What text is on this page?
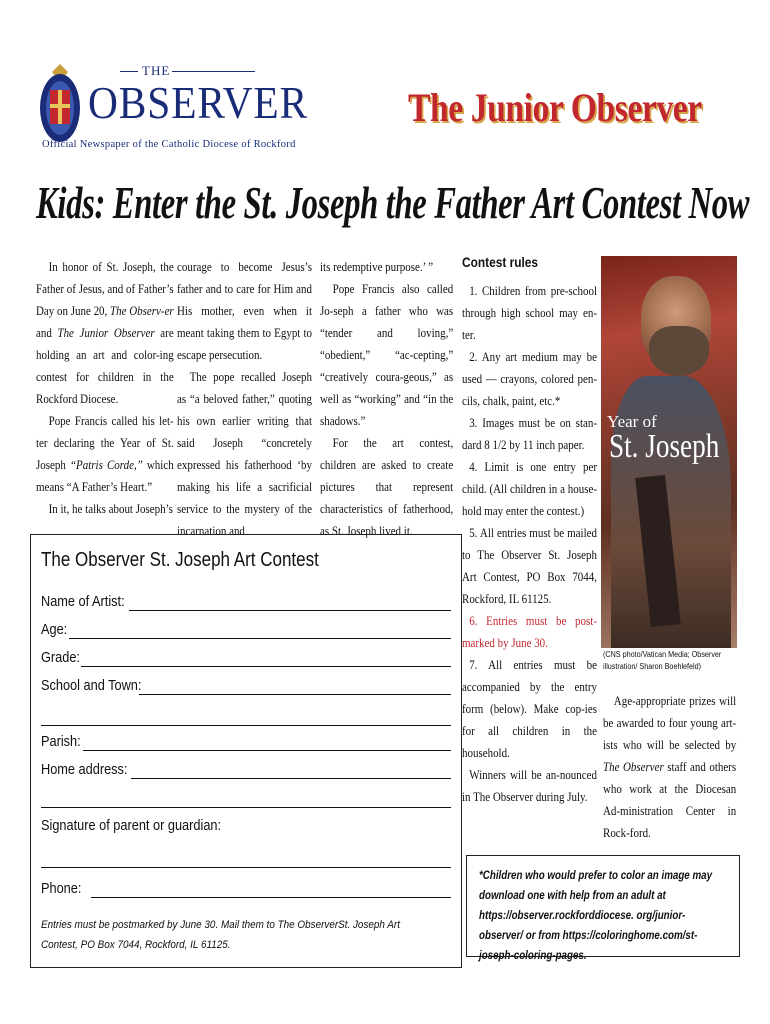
THE
OBSERVER
Official Newspaper of the Catholic Diocese of Rockford
The Junior Observer
Kids: Enter the St. Joseph the Father Art Contest Now

In honor of St. Joseph, the Father of Jesus, and of Father’s Day on June 20, The Observ-er and The Junior Observer are holding an art and color-ing contest for children in the Rockford Diocese.

Pope Francis called his let-ter declaring the Year of St. Joseph “Patris Corde,” which means “A Father’s Heart.”

In it, he talks about Joseph’s

courage to become Jesus’s father and to care for Him and His mother, even when it meant taking them to Egypt to escape persecution.

The pope recalled Joseph as “a beloved father,” quoting his own earlier writing that said Joseph “concretely expressed his fatherhood ‘by making his life a sacrificial service to the mystery of the incarnation and

its redemptive purpose.’ ”

Pope Francis also called Jo-seph a father who was “tender and loving,” “obedient,” “ac-cepting,” “creatively coura-geous,” as well as “working” and “in the shadows.”

For the art contest, children are asked to create pictures that represent characteristics of fatherhood, as St. Joseph lived it.

Contest rules

1. Children from pre-school through high school may en-ter.

2. Any art medium may be used — crayons, colored pen-cils, chalk, paint, etc.*

3. Images must be on stan-dard 8 1/2 by 11 inch paper.

4. Limit is one entry per child. (All children in a house-hold may enter the contest.)

5. All entries must be mailed to The Observer St. Joseph Art Contest, PO Box 7044, Rockford, IL 61125.

6. Entries must be post-marked by June 30.

7. All entries must be accompanied by the entry form (below). Make cop-ies for all children in the household.

Winners will be an-nounced in The Observer during July.

Year of
St. Joseph
(CNS photo/Vatican Media; Observer illustration/ Sharon Boehlefeld)

Age-appropriate prizes will be awarded to four young art-ists who will be selected by The Observer staff and others who work at the Diocesan Ad-ministration Center in Rock-ford.

The Observer St. Joseph Art Contest
Name of Artist:
Age:
Grade:
School and Town:
Parish:
Home address:
Signature of parent or guardian:
Phone:
Entries must be postmarked by June 30. Mail them to The ObserverSt. Joseph Art Contest, PO Box 7044, Rockford, IL 61125.
*Children who would prefer to color an image may download one with help from an adult at https://observer.rockforddiocese. org/junior-observer/ or from https://coloringhome.com/st-joseph-coloring-pages.
